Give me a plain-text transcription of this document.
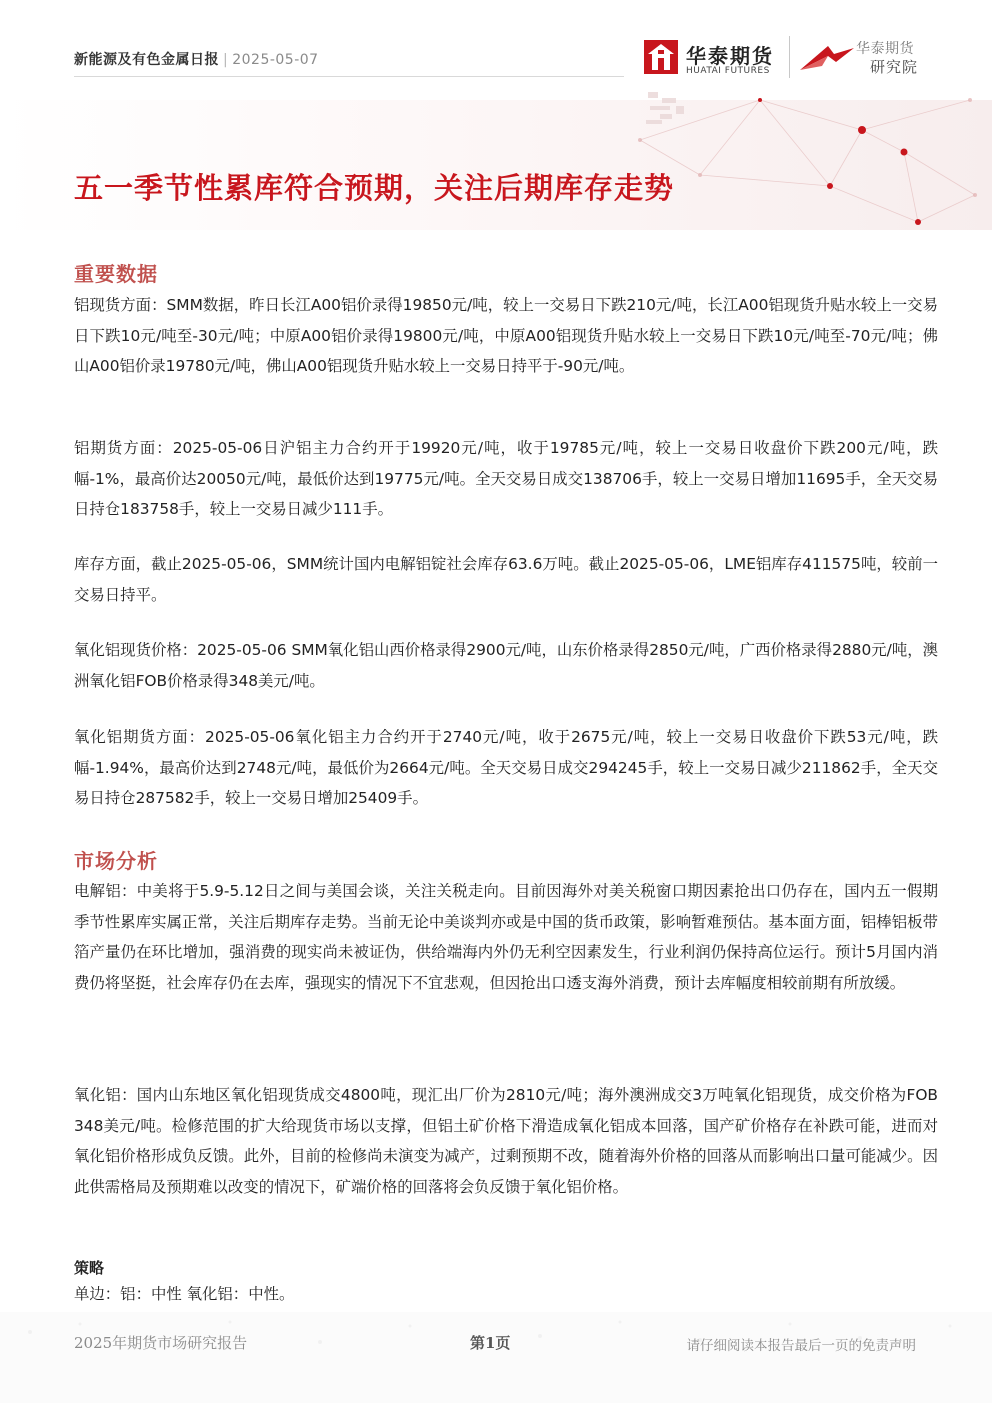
新能源及有色金属日报 | 2025-05-07	华泰期货
HUATAI FUTURES
华泰期货
研究院
五一季节性累库符合预期，关注后期库存走势
重要数据
铝现货方面：SMM数据，昨日长江A00铝价录得19850元/吨，较上一交易日下跌210元/吨，长江A00铝现货升贴水较上一交易日下跌10元/吨至-30元/吨；中原A00铝价录得19800元/吨，中原A00铝现货升贴水较上一交易日下跌10元/吨至-70元/吨；佛山A00铝价录19780元/吨，佛山A00铝现货升贴水较上一交易日持平于-90元/吨。
铝期货方面：2025-05-06日沪铝主力合约开于19920元/吨，收于19785元/吨，较上一交易日收盘价下跌200元/吨，跌幅-1%，最高价达20050元/吨，最低价达到19775元/吨。全天交易日成交138706手，较上一交易日增加11695手，全天交易日持仓183758手，较上一交易日减少111手。
库存方面，截止2025-05-06，SMM统计国内电解铝锭社会库存63.6万吨。截止2025-05-06，LME铝库存411575吨，较前一交易日持平。
氧化铝现货价格：2025-05-06 SMM氧化铝山西价格录得2900元/吨，山东价格录得2850元/吨，广西价格录得2880元/吨，澳洲氧化铝FOB价格录得348美元/吨。
氧化铝期货方面：2025-05-06氧化铝主力合约开于2740元/吨，收于2675元/吨，较上一交易日收盘价下跌53元/吨，跌幅-1.94%，最高价达到2748元/吨，最低价为2664元/吨。全天交易日成交294245手，较上一交易日减少211862手，全天交易日持仓287582手，较上一交易日增加25409手。
市场分析
电解铝：中美将于5.9-5.12日之间与美国会谈，关注关税走向。目前因海外对美关税窗口期因素抢出口仍存在，国内五一假期季节性累库实属正常，关注后期库存走势。当前无论中美谈判亦或是中国的货币政策，影响暂难预估。基本面方面，铝棒铝板带箔产量仍在环比增加，强消费的现实尚未被证伪，供给端海内外仍无利空因素发生，行业利润仍保持高位运行。预计5月国内消费仍将坚挺，社会库存仍在去库，强现实的情况下不宜悲观，但因抢出口透支海外消费，预计去库幅度相较前期有所放缓。
氧化铝：国内山东地区氧化铝现货成交4800吨，现汇出厂价为2810元/吨；海外澳洲成交3万吨氧化铝现货，成交价格为FOB 348美元/吨。检修范围的扩大给现货市场以支撑，但铝土矿价格下滑造成氧化铝成本回落，国产矿价格存在补跌可能，进而对氧化铝价格形成负反馈。此外，目前的检修尚未演变为减产，过剩预期不改，随着海外价格的回落从而影响出口量可能减少。因此供需格局及预期难以改变的情况下，矿端价格的回落将会负反馈于氧化铝价格。
策略
单边：铝：中性 氧化铝：中性。
2025年期货市场研究报告	第1页	请仔细阅读本报告最后一页的免责声明
